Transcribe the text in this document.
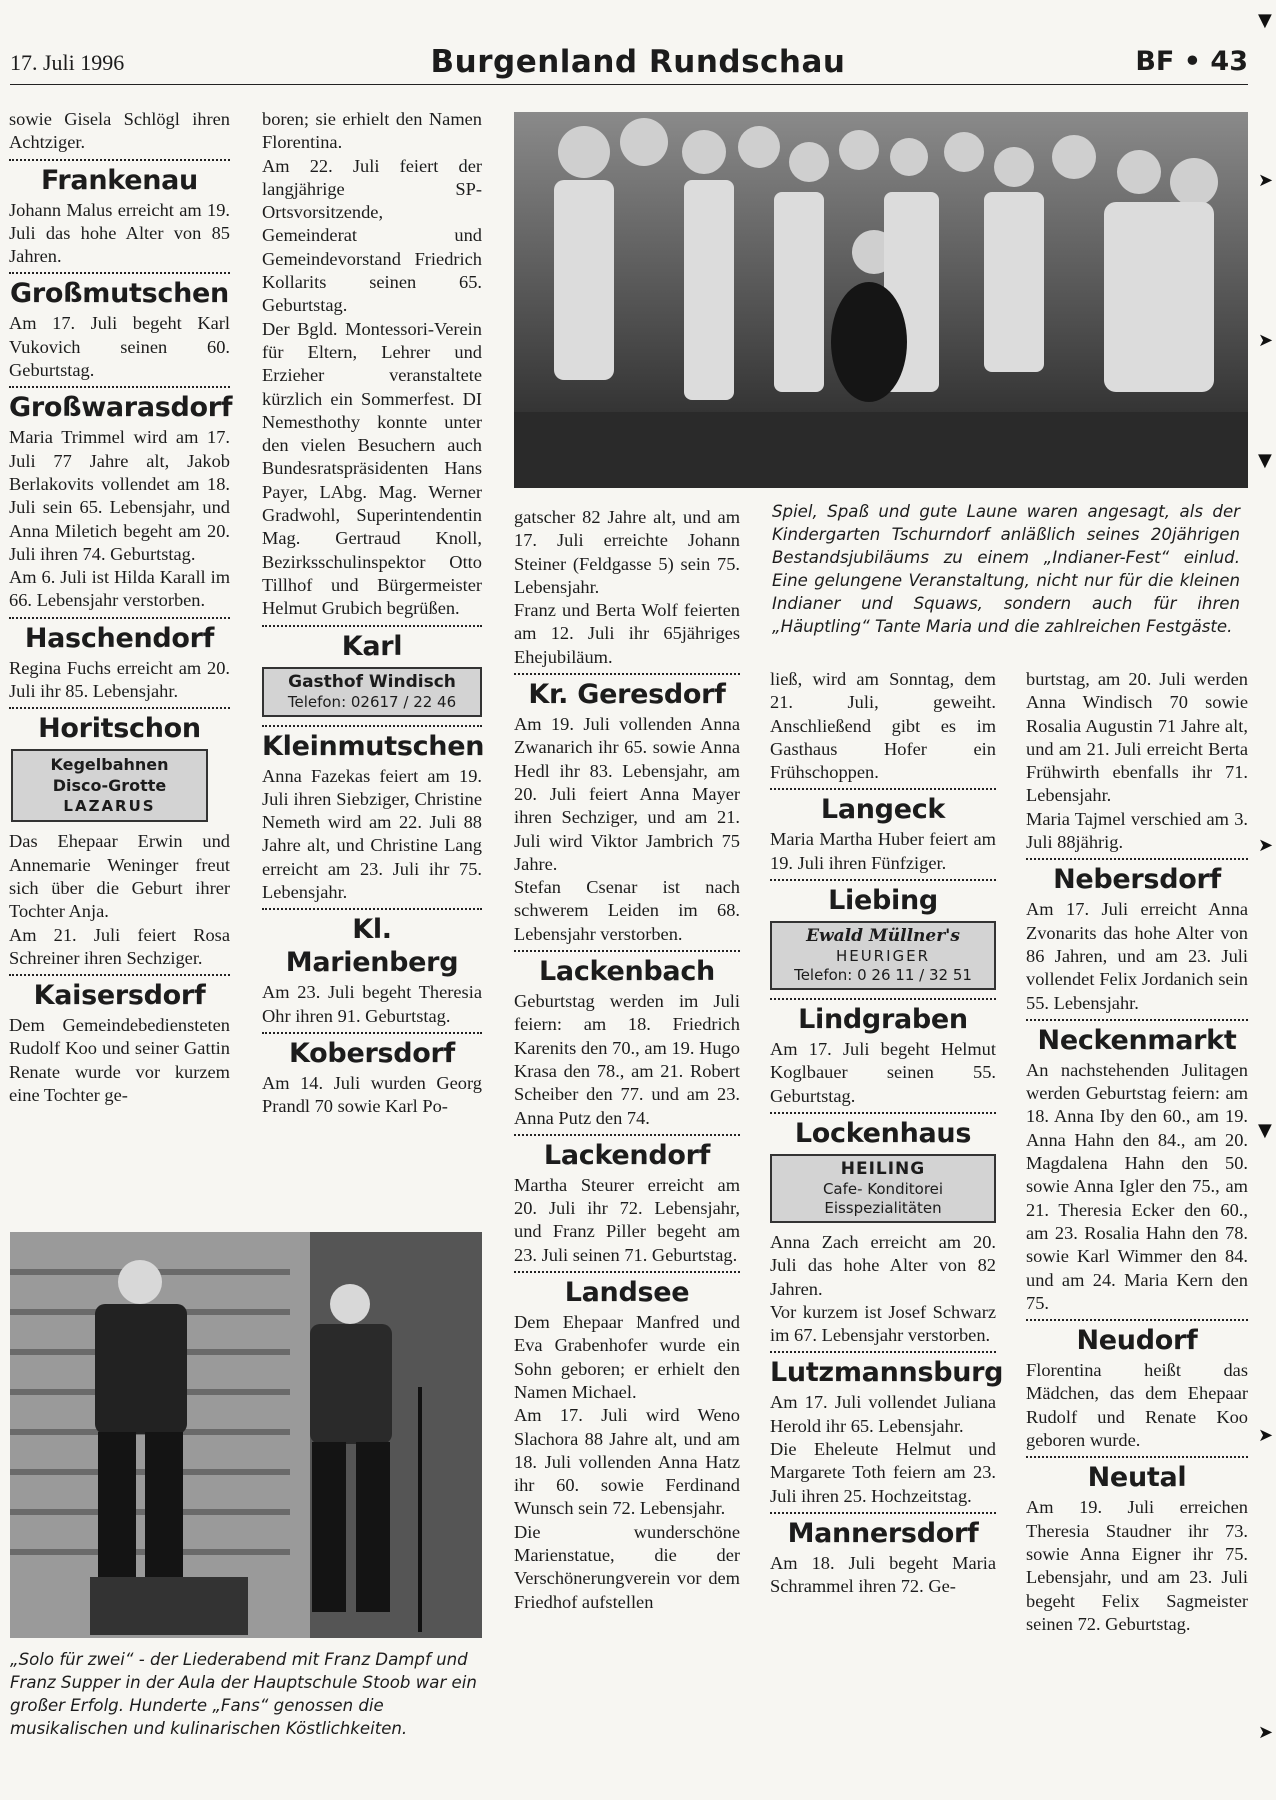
17. Juli 1996	Burgenland Rundschau	BF • 43

sowie Gisela Schlögl ihren Achtziger.

Frankenau

Johann Malus erreicht am 19. Juli das hohe Alter von 85 Jahren.

Großmutschen

Am 17. Juli begeht Karl Vukovich seinen 60. Geburtstag.

Großwarasdorf

Maria Trimmel wird am 17. Juli 77 Jahre alt, Jakob Berlakovits vollendet am 18. Juli sein 65. Lebensjahr, und Anna Miletich begeht am 20. Juli ihren 74. Geburtstag.

Am 6. Juli ist Hilda Karall im 66. Lebensjahr verstorben.

Haschendorf

Regina Fuchs erreicht am 20. Juli ihr 85. Lebensjahr.

Horitschon
Kegelbahnen
Disco-Grotte
LAZARUS

Das Ehepaar Erwin und Annemarie Weninger freut sich über die Geburt ihrer Tochter Anja.

Am 21. Juli feiert Rosa Schreiner ihren Sechziger.

Kaisersdorf

Dem Gemeindebediensteten Rudolf Koo und seiner Gattin Renate wurde vor kurzem eine Tochter ge-

boren; sie erhielt den Namen Florentina.

Am 22. Juli feiert der langjährige SP-Ortsvorsitzende, Gemeinderat und Gemeindevorstand Friedrich Kollarits seinen 65. Geburtstag.

Der Bgld. Montessori-Verein für Eltern, Lehrer und Erzieher veranstaltete kürzlich ein Sommerfest. DI Nemesthothy konnte unter den vielen Besuchern auch Bundesratspräsidenten Hans Payer, LAbg. Mag. Werner Gradwohl, Superintendentin Mag. Gertraud Knoll, Bezirksschulinspektor Otto Tillhof und Bürgermeister Helmut Grubich begrüßen.

Karl
Gasthof Windisch
Telefon: 02617 / 22 46
Kleinmutschen

Anna Fazekas feiert am 19. Juli ihren Siebziger, Christine Nemeth wird am 22. Juli 88 Jahre alt, und Christine Lang erreicht am 23. Juli ihr 75. Lebensjahr.

Kl. Marienberg

Am 23. Juli begeht Theresia Ohr ihren 91. Geburtstag.

Kobersdorf

Am 14. Juli wurden Georg Prandl 70 sowie Karl Po-

Spiel, Spaß und gute Laune waren angesagt, als der Kindergarten Tschurndorf anläßlich seines 20jährigen Bestandsjubiläums zu einem „Indianer-Fest“ einlud. Eine gelungene Veranstaltung, nicht nur für die kleinen Indianer und Squaws, sondern auch für ihren „Häuptling“ Tante Maria und die zahlreichen Festgäste.

gatscher 82 Jahre alt, und am 17. Juli erreichte Johann Steiner (Feldgasse 5) sein 75. Lebensjahr.

Franz und Berta Wolf feierten am 12. Juli ihr 65jähriges Ehejubiläum.

Kr. Geresdorf

Am 19. Juli vollenden Anna Zwanarich ihr 65. sowie Anna Hedl ihr 83. Lebensjahr, am 20. Juli feiert Anna Mayer ihren Sechziger, und am 21. Juli wird Viktor Jambrich 75 Jahre.

Stefan Csenar ist nach schwerem Leiden im 68. Lebensjahr verstorben.

Lackenbach

Geburtstag werden im Juli feiern: am 18. Friedrich Karenits den 70., am 19. Hugo Krasa den 78., am 21. Robert Scheiber den 77. und am 23. Anna Putz den 74.

Lackendorf

Martha Steurer erreicht am 20. Juli ihr 72. Lebensjahr, und Franz Piller begeht am 23. Juli seinen 71. Geburtstag.

Landsee

Dem Ehepaar Manfred und Eva Grabenhofer wurde ein Sohn geboren; er erhielt den Namen Michael.

Am 17. Juli wird Weno Slachora 88 Jahre alt, und am 18. Juli vollenden Anna Hatz ihr 60. sowie Ferdinand Wunsch sein 72. Lebensjahr.

Die wunderschöne Marienstatue, die der Verschönerungverein vor dem Friedhof aufstellen

ließ, wird am Sonntag, dem 21. Juli, geweiht. Anschließend gibt es im Gasthaus Hofer ein Frühschoppen.

Langeck

Maria Martha Huber feiert am 19. Juli ihren Fünfziger.

Liebing
Ewald Müllner's
HEURIGER
Telefon: 0 26 11 / 32 51
Lindgraben

Am 17. Juli begeht Helmut Koglbauer seinen 55. Geburtstag.

Lockenhaus
HEILING
Cafe- Konditorei
Eisspezialitäten

Anna Zach erreicht am 20. Juli das hohe Alter von 82 Jahren.

Vor kurzem ist Josef Schwarz im 67. Lebensjahr verstorben.

Lutzmannsburg

Am 17. Juli vollendet Juliana Herold ihr 65. Lebensjahr.

Die Eheleute Helmut und Margarete Toth feiern am 23. Juli ihren 25. Hochzeitstag.

Mannersdorf

Am 18. Juli begeht Maria Schrammel ihren 72. Ge-

burtstag, am 20. Juli werden Anna Windisch 70 sowie Rosalia Augustin 71 Jahre alt, und am 21. Juli erreicht Berta Frühwirth ebenfalls ihr 71. Lebensjahr.

Maria Tajmel verschied am 3. Juli 88jährig.

Nebersdorf

Am 17. Juli erreicht Anna Zvonarits das hohe Alter von 86 Jahren, und am 23. Juli vollendet Felix Jordanich sein 55. Lebensjahr.

Neckenmarkt

An nachstehenden Julitagen werden Geburtstag feiern: am 18. Anna Iby den 60., am 19. Anna Hahn den 84., am 20. Magdalena Hahn den 50. sowie Anna Igler den 75., am 21. Theresia Ecker den 60., am 23. Rosalia Hahn den 78. sowie Karl Wimmer den 84. und am 24. Maria Kern den 75.

Neudorf

Florentina heißt das Mädchen, das dem Ehepaar Rudolf und Renate Koo geboren wurde.

Neutal

Am 19. Juli erreichen Theresia Staudner ihr 73. sowie Anna Eigner ihr 75. Lebensjahr, und am 23. Juli begeht Felix Sagmeister seinen 72. Geburtstag.

„Solo für zwei“ - der Liederabend mit Franz Dampf und Franz Supper in der Aula der Hauptschule Stoob war ein großer Erfolg. Hunderte „Fans“ genossen die musikalischen und kulinarischen Köstlichkeiten.
▼
➤
➤
▼
➤
▼
➤
➤
